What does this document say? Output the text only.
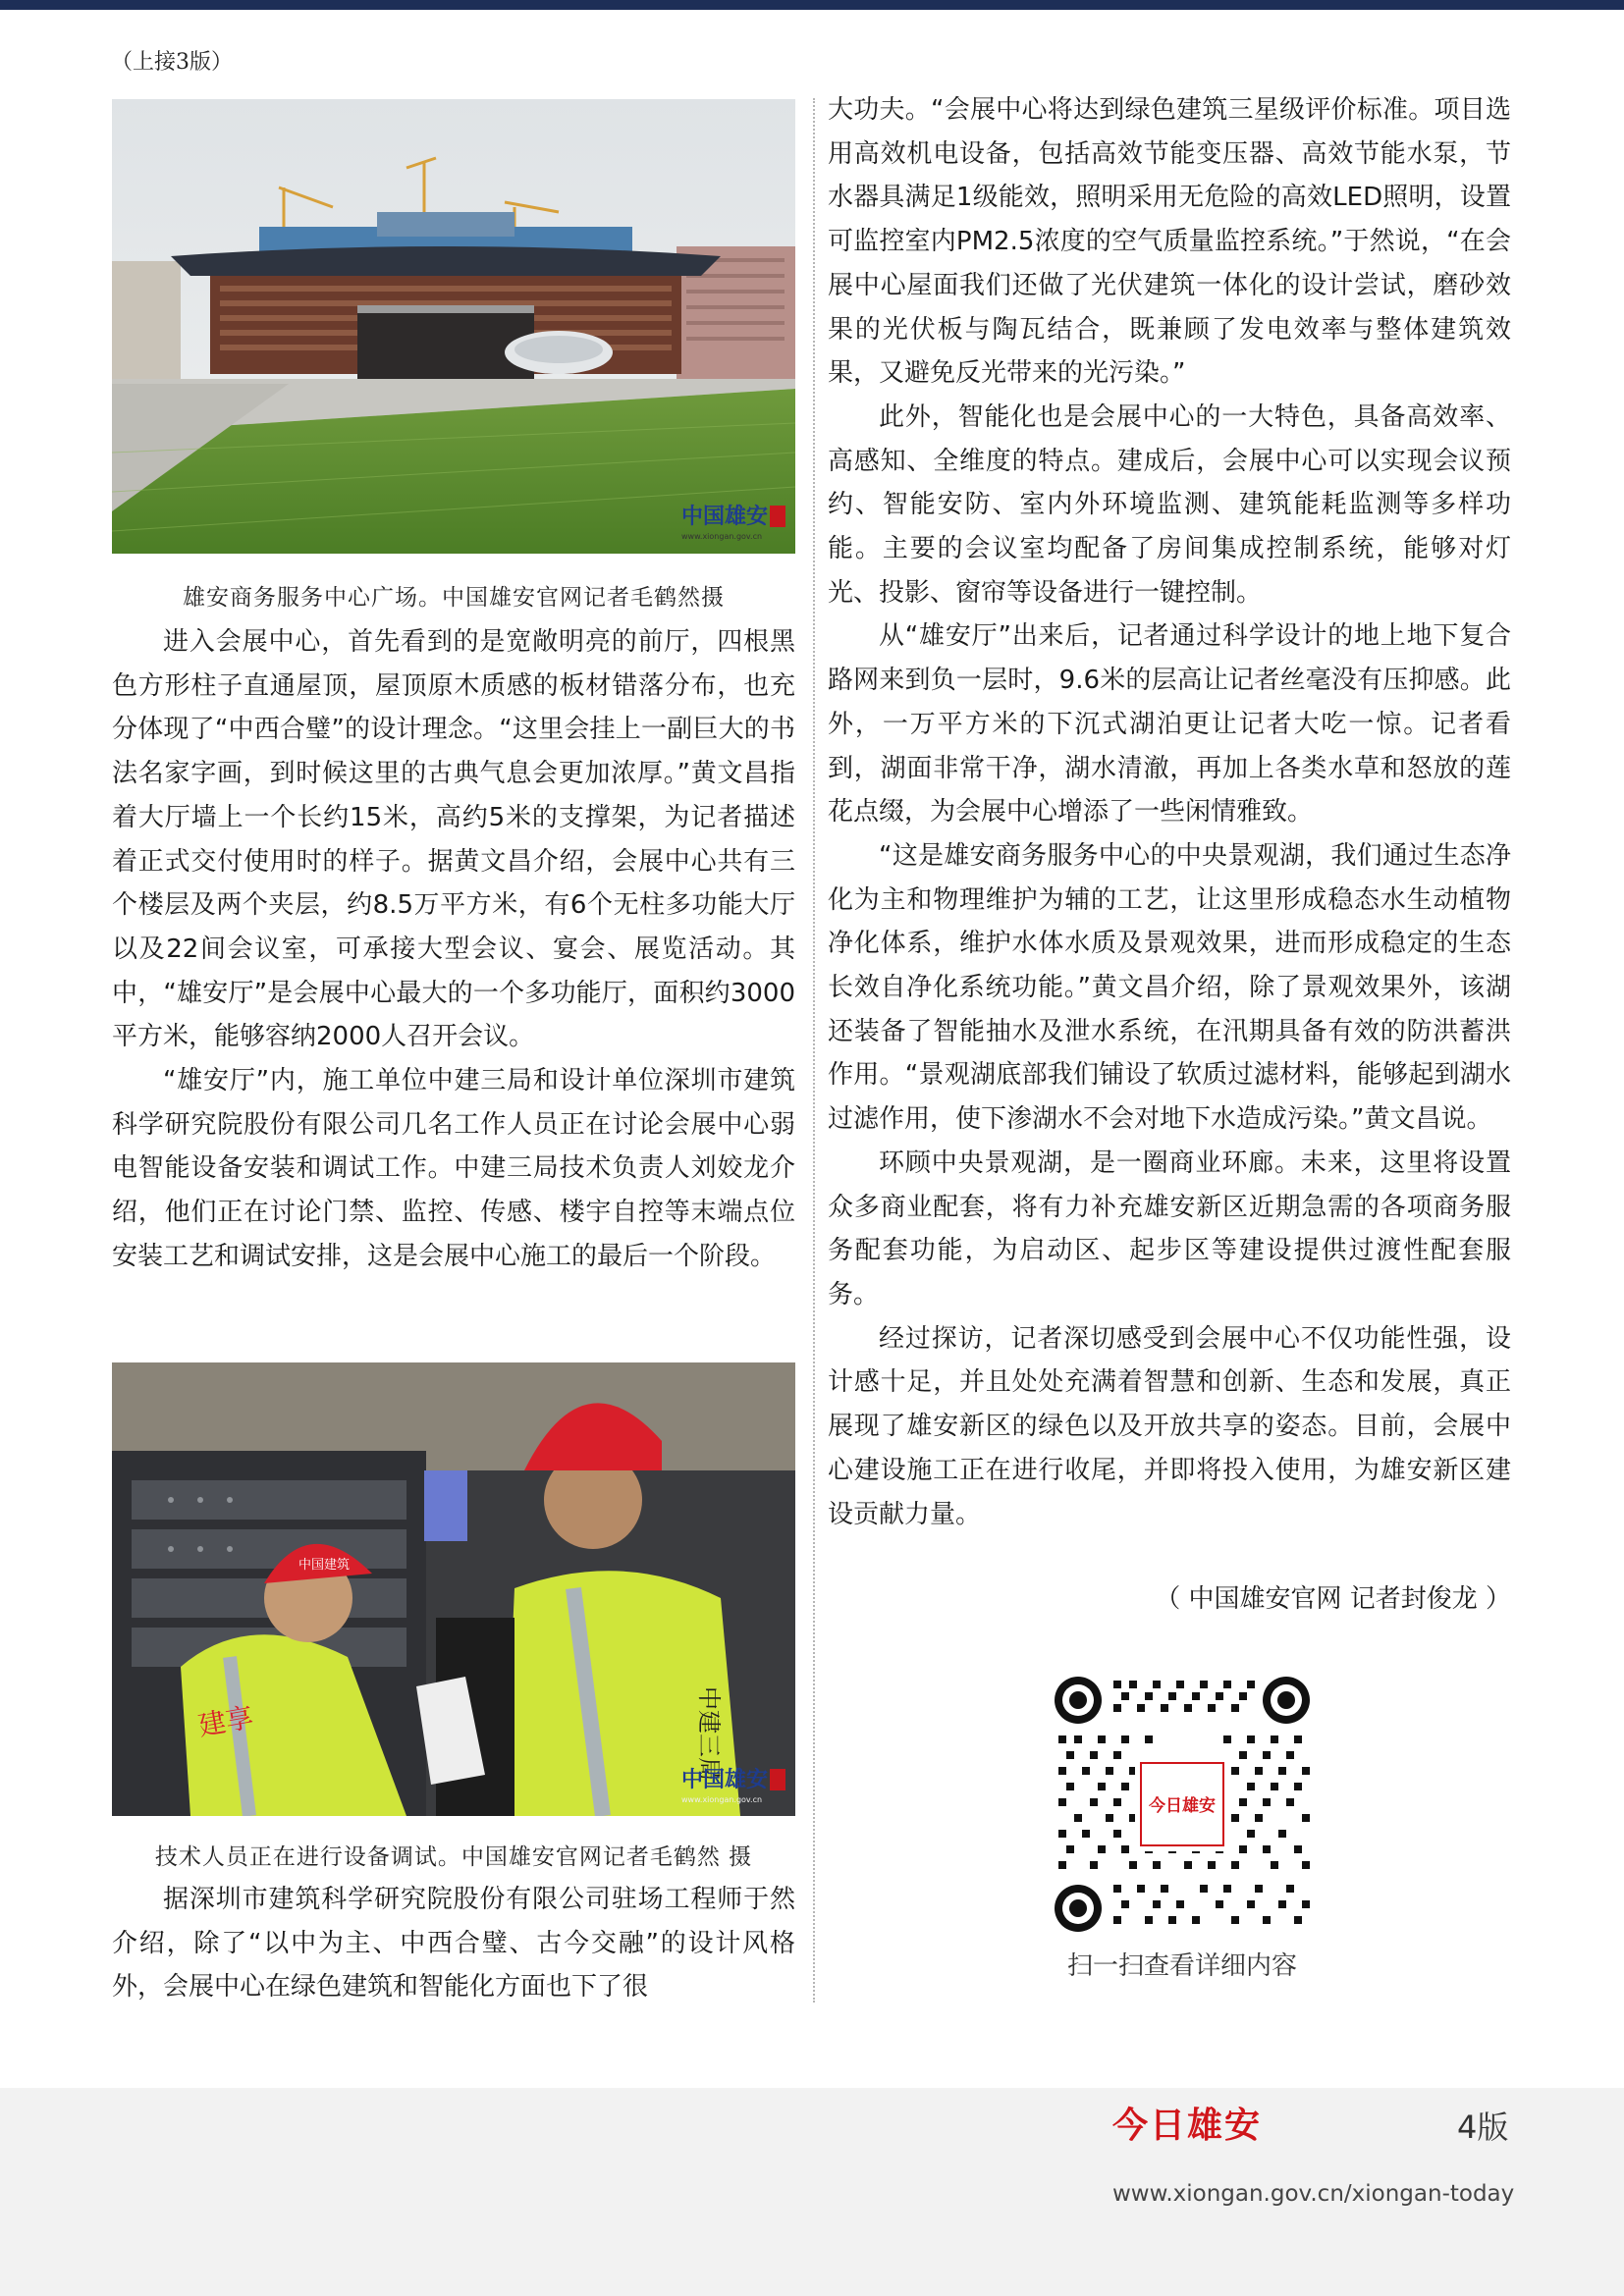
（上接3版）
中国雄安
www.xiongan.gov.cn
雄安商务服务中心广场。中国雄安官网记者毛鹤然摄

进入会展中心，首先看到的是宽敞明亮的前厅，四根黑色方形柱子直通屋顶，屋顶原木质感的板材错落分布，也充分体现了“中西合璧”的设计理念。“这里会挂上一副巨大的书法名家字画，到时候这里的古典气息会更加浓厚。”黄文昌指着大厅墙上一个长约15米，高约5米的支撑架，为记者描述着正式交付使用时的样子。据黄文昌介绍，会展中心共有三个楼层及两个夹层，约8.5万平方米，有6个无柱多功能大厅以及22间会议室，可承接大型会议、宴会、展览活动。其中，“雄安厅”是会展中心最大的一个多功能厅，面积约3000平方米，能够容纳2000人召开会议。

“雄安厅”内，施工单位中建三局和设计单位深圳市建筑科学研究院股份有限公司几名工作人员正在讨论会展中心弱电智能设备安装和调试工作。中建三局技术负责人刘姣龙介绍，他们正在讨论门禁、监控、传感、楼宇自控等末端点位安装工艺和调试安排，这是会展中心施工的最后一个阶段。

中国建筑
建享	中建三局
中国雄安
www.xiongan.gov.cn
技术人员正在进行设备调试。中国雄安官网记者毛鹤然 摄

据深圳市建筑科学研究院股份有限公司驻场工程师于然介绍，除了“以中为主、中西合璧、古今交融”的设计风格外，会展中心在绿色建筑和智能化方面也下了很

大功夫。“会展中心将达到绿色建筑三星级评价标准。项目选用高效机电设备，包括高效节能变压器、高效节能水泵，节水器具满足1级能效，照明采用无危险的高效LED照明，设置可监控室内PM2.5浓度的空气质量监控系统。”于然说，“在会展中心屋面我们还做了光伏建筑一体化的设计尝试，磨砂效果的光伏板与陶瓦结合，既兼顾了发电效率与整体建筑效果，又避免反光带来的光污染。”

此外，智能化也是会展中心的一大特色，具备高效率、高感知、全维度的特点。建成后，会展中心可以实现会议预约、智能安防、室内外环境监测、建筑能耗监测等多样功能。主要的会议室均配备了房间集成控制系统，能够对灯光、投影、窗帘等设备进行一键控制。

从“雄安厅”出来后，记者通过科学设计的地上地下复合路网来到负一层时，9.6米的层高让记者丝毫没有压抑感。此外，一万平方米的下沉式湖泊更让记者大吃一惊。记者看到，湖面非常干净，湖水清澈，再加上各类水草和怒放的莲花点缀，为会展中心增添了一些闲情雅致。

“这是雄安商务服务中心的中央景观湖，我们通过生态净化为主和物理维护为辅的工艺，让这里形成稳态水生动植物净化体系，维护水体水质及景观效果，进而形成稳定的生态长效自净化系统功能。”黄文昌介绍，除了景观效果外，该湖还装备了智能抽水及泄水系统，在汛期具备有效的防洪蓄洪作用。“景观湖底部我们铺设了软质过滤材料，能够起到湖水过滤作用，使下渗湖水不会对地下水造成污染。”黄文昌说。

环顾中央景观湖，是一圈商业环廊。未来，这里将设置众多商业配套，将有力补充雄安新区近期急需的各项商务服务配套功能，为启动区、起步区等建设提供过渡性配套服务。

经过探访，记者深切感受到会展中心不仅功能性强，设计感十足，并且处处充满着智慧和创新、生态和发展，真正展现了雄安新区的绿色以及开放共享的姿态。目前，会展中心建设施工正在进行收尾，并即将投入使用，为雄安新区建设贡献力量。

（ 中国雄安官网 记者封俊龙 ）
今日雄安
扫一扫查看详细内容
今日雄安	4版
www.xiongan.gov.cn/xiongan-today
